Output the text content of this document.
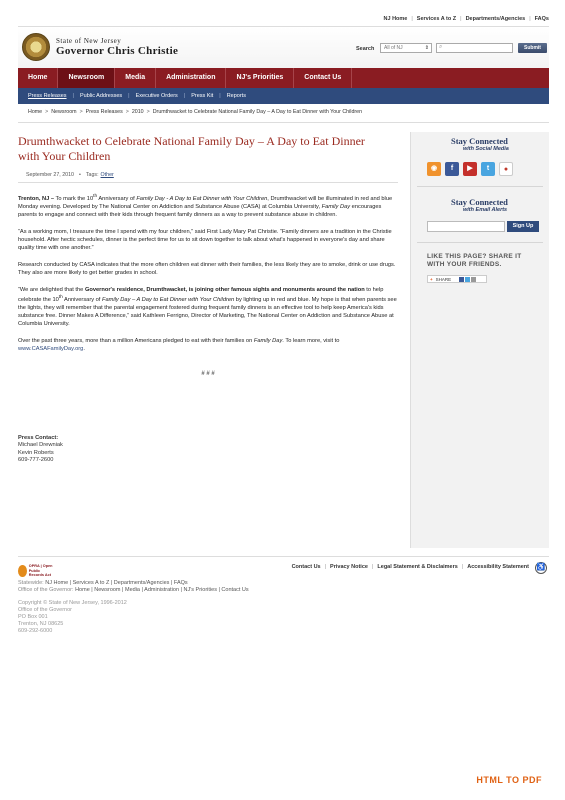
NJ Home | Services A to Z | Departments/Agencies | FAQs
State of New Jersey
Governor Chris Christie	Search	All of NJ	⇕ ⌕	Submit
Home	Newsroom	Media	Administration	NJ's Priorities	Contact Us
Press Releases | Public Addresses | Executive Orders | Press Kit | Reports
Home > Newsroom > Press Releases > 2010 > Drumthwacket to Celebrate National Family Day – A Day to Eat Dinner with Your Children
Drumthwacket to Celebrate National Family Day – A Day to Eat Dinner with Your Children
September 27, 2010 • Tags: Other

Trenton, NJ – To mark the 10th Anniversary of Family Day - A Day to Eat Dinner with Your Children, Drumthwacket will be illuminated in red and blue Monday evening. Developed by The National Center on Addiction and Substance Abuse (CASA) at Columbia University, Family Day encourages parents to engage and connect with their kids through frequent family dinners as a way to prevent substance abuse in children.

“As a working mom, I treasure the time I spend with my four children,” said First Lady Mary Pat Christie. “Family dinners are a tradition in the Christie household. After hectic schedules, dinner is the perfect time for us to sit down together to talk about what's happened in everyone's day and share quality time with one another.”

Research conducted by CASA indicates that the more often children eat dinner with their families, the less likely they are to smoke, drink or use drugs. They also are more likely to get better grades in school.

“We are delighted that the Governor's residence, Drumthwacket, is joining other famous sights and monuments around the nation to help celebrate the 10th Anniversary of Family Day – A Day to Eat Dinner with Your Children by lighting up in red and blue. My hope is that when parents see the lights, they will remember that the parental engagement fostered during frequent family dinners is an effective tool to help keep America's kids substance free. Dinner Makes A Difference,” said Kathleen Ferrigno, Director of Marketing, The National Center on Addiction and Substance Abuse at Columbia University.

Over the past three years, more than a million Americans pledged to eat with their families on Family Day. To learn more, visit to www.CASAFamilyDay.org.

# # #
Press Contact:
Michael Drewniak
Kevin Roberts
609-777-2600
Stay Connected
with Social Media
◉	f	▶	t	●
Stay Connected
with Email Alerts
Sign Up
LIKE THIS PAGE? SHARE IT
WITH YOUR FRIENDS.
+ SHARE
OPRA | Open
Public Records Act
Contact Us | Privacy Notice | Legal Statement & Disclaimers | Accessibility Statement ♿
Statewide: NJ Home | Services A to Z | Departments/Agencies | FAQs
Office of the Governor: Home | Newsroom | Media | Administration | NJ's Priorities | Contact Us
Copyright © State of New Jersey, 1996-2012
Office of the Governor
PO Box 001
Trenton, NJ 08625
609-292-6000
HTML TO PDF
